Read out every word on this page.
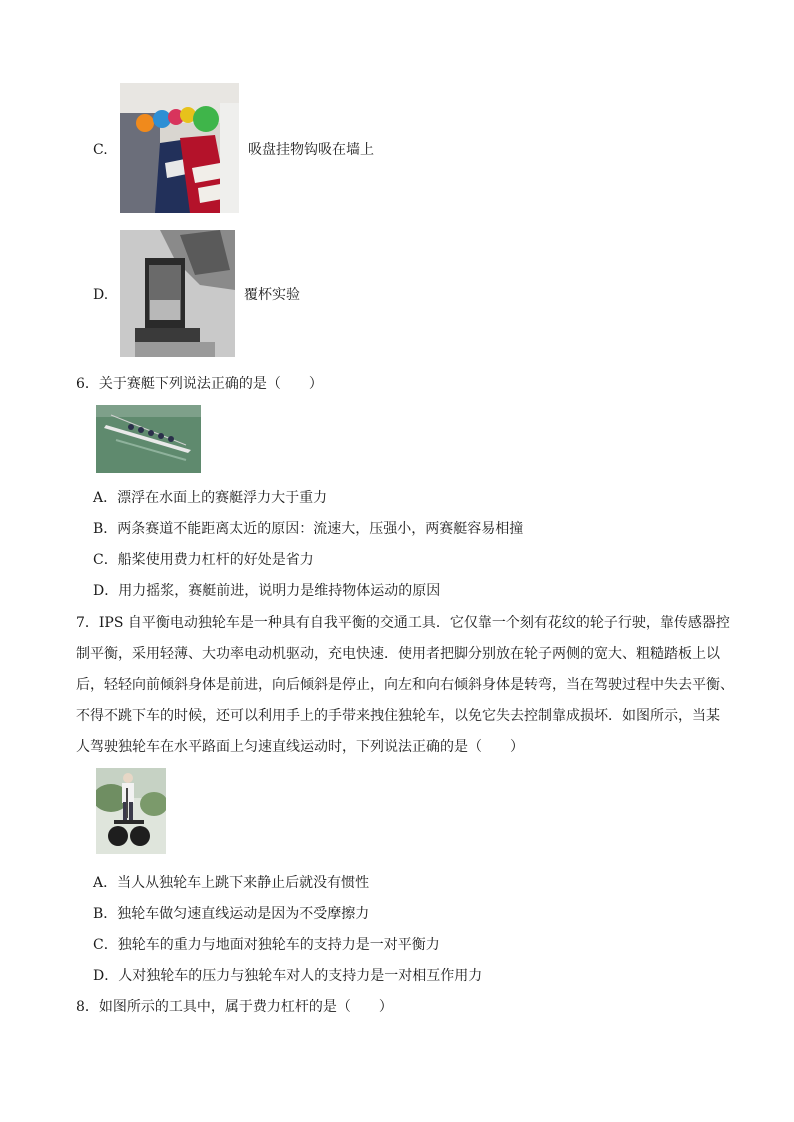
C.	吸盘挂物钩吸在墙上
D.	覆杯实验
6．关于赛艇下列说法正确的是（　　）
A．漂浮在水面上的赛艇浮力大于重力
B．两条赛道不能距离太近的原因：流速大，压强小，两赛艇容易相撞
C．船桨使用费力杠杆的好处是省力
D．用力摇浆，赛艇前进，说明力是维持物体运动的原因
7．IPS 自平衡电动独轮车是一种具有自我平衡的交通工具．它仅靠一个刻有花纹的轮子行驶，靠传感器控
制平衡，采用轻薄、大功率电动机驱动，充电快速．使用者把脚分别放在轮子两侧的宽大、粗糙踏板上以
后，轻轻向前倾斜身体是前进，向后倾斜是停止，向左和向右倾斜身体是转弯，当在驾驶过程中失去平衡、
不得不跳下车的时候，还可以利用手上的手带来拽住独轮车，以免它失去控制靠成损坏．如图所示，当某
人驾驶独轮车在水平路面上匀速直线运动时，下列说法正确的是（　　）
A．当人从独轮车上跳下来静止后就没有惯性
B．独轮车做匀速直线运动是因为不受摩擦力
C．独轮车的重力与地面对独轮车的支持力是一对平衡力
D．人对独轮车的压力与独轮车对人的支持力是一对相互作用力
8．如图所示的工具中，属于费力杠杆的是（　　）
